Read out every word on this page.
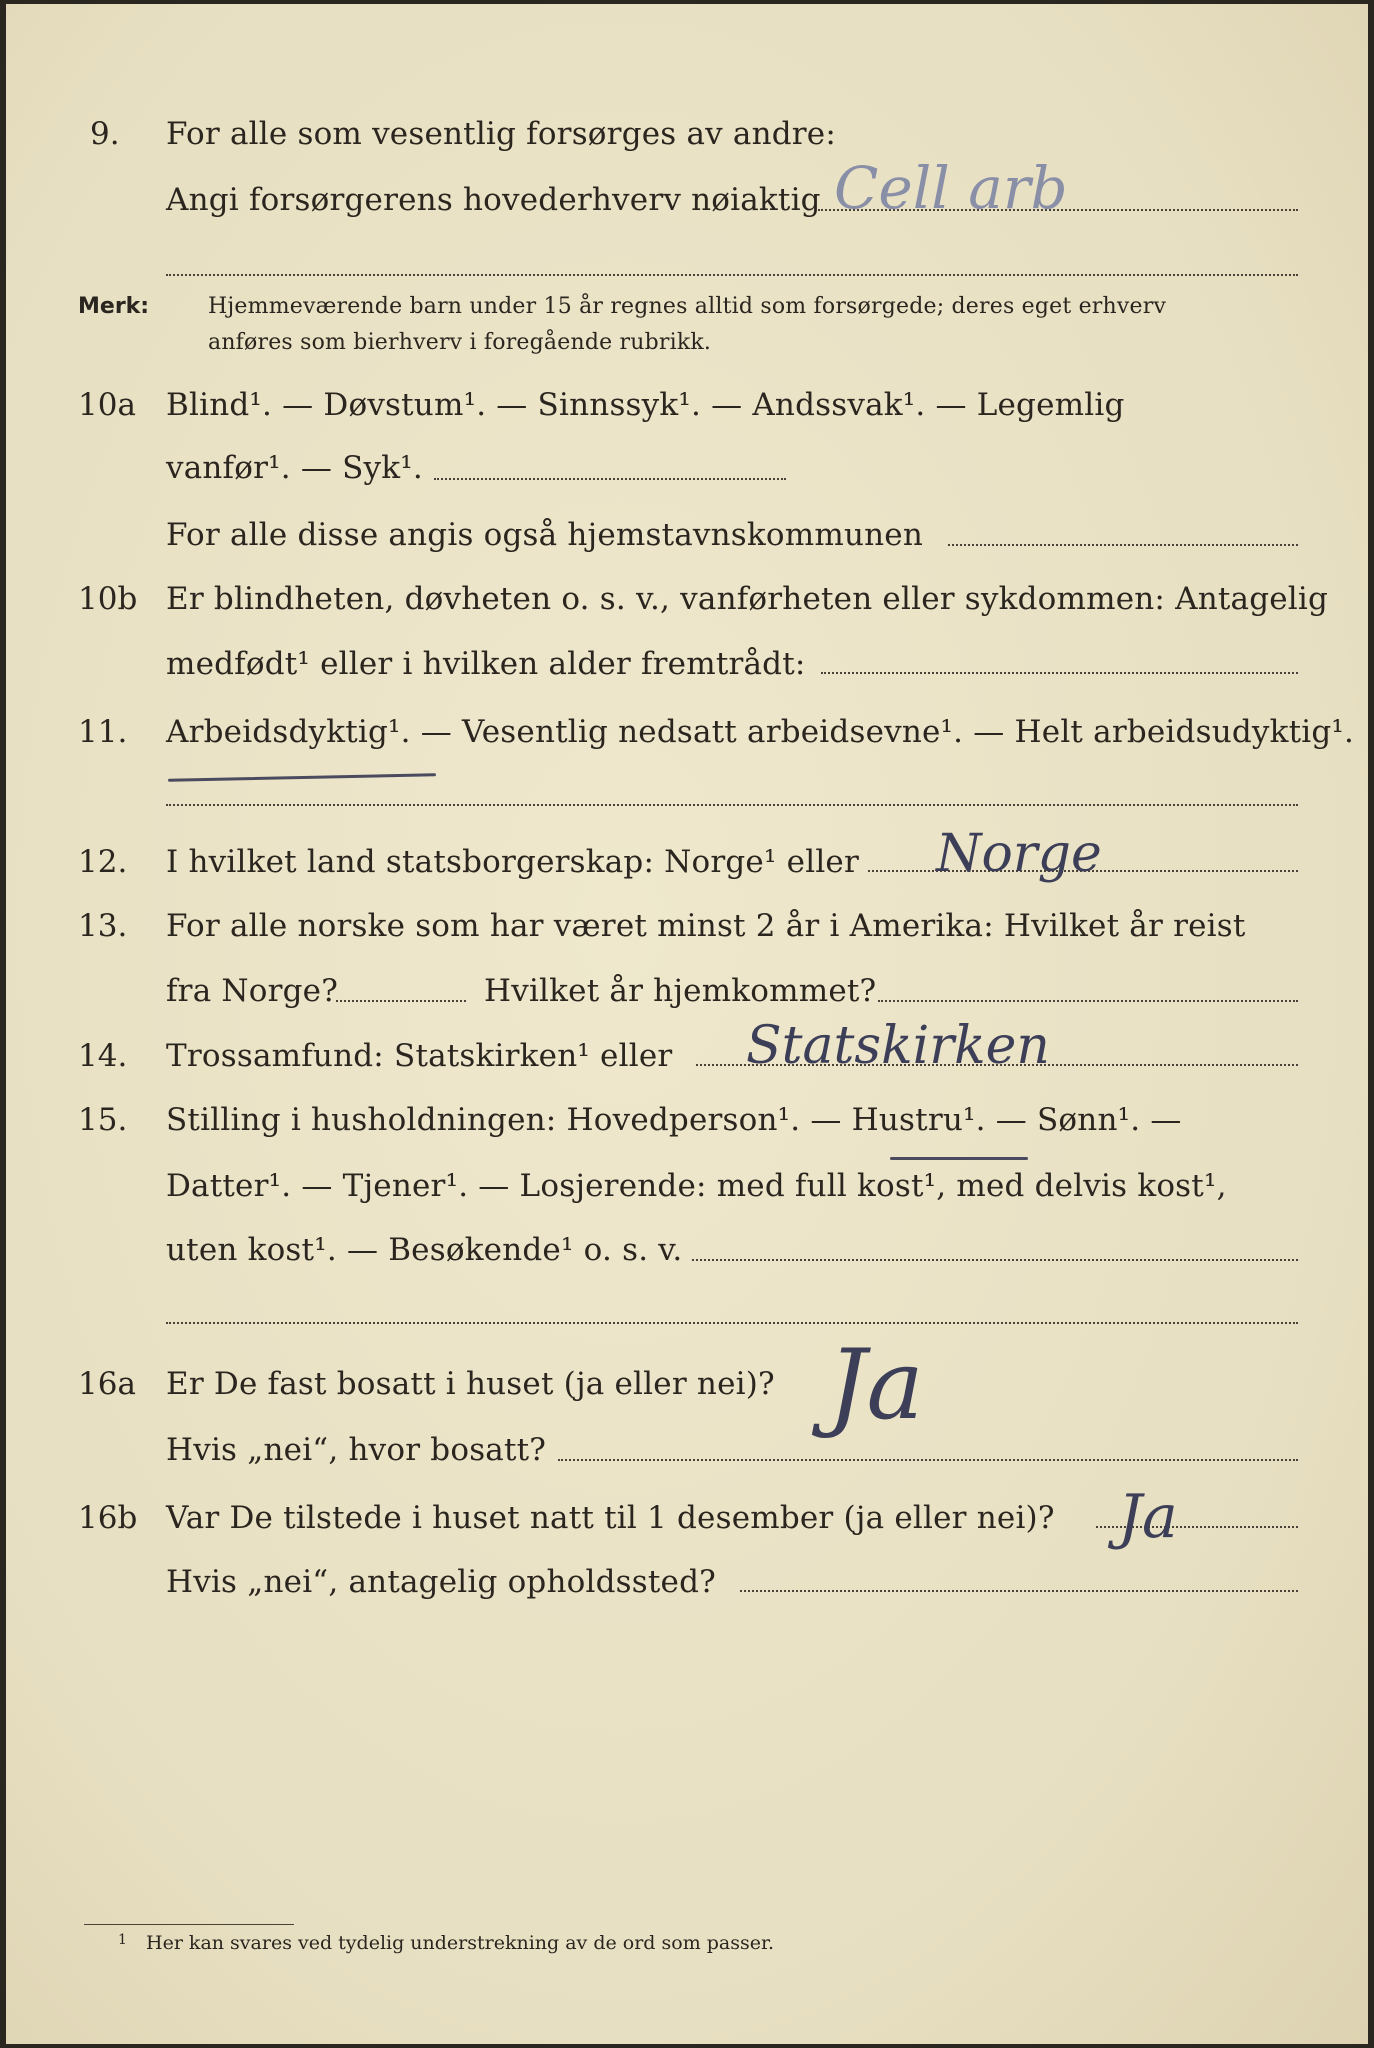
9. For alle som vesentlig forsørges av andre:
Angi forsørgerens hovederhverv nøiaktig Cell arb
Merk:	Hjemmeværende barn under 15 år regnes alltid som forsørgede; deres eget erhverv
anføres som bierhverv i foregående rubrikk.
10a Blind¹. — Døvstum¹. — Sinnssyk¹. — Andssvak¹. — Legemlig
vanfør¹. — Syk¹.
For alle disse angis også hjemstavnskommunen
10b Er blindheten, døvheten o. s. v., vanførheten eller sykdommen: Antagelig
medfødt¹ eller i hvilken alder fremtrådt:
11. Arbeidsdyktig¹. — Vesentlig nedsatt arbeidsevne¹. — Helt arbeidsudyktig¹.
12. I hvilket land statsborgerskap: Norge¹ eller Norge
13. For alle norske som har været minst 2 år i Amerika: Hvilket år reist
fra Norge?	Hvilket år hjemkommet?
14. Trossamfund: Statskirken¹ eller Statskirken
15. Stilling i husholdningen: Hovedperson¹. — Hustru¹. — Sønn¹. —
Datter¹. — Tjener¹. — Losjerende: med full kost¹, med delvis kost¹,
uten kost¹. — Besøkende¹ o. s. v.
16a Er De fast bosatt i huset (ja eller nei)?
Hvis „nei“, hvor bosatt?
Ja
16b Var De tilstede i huset natt til 1 desember (ja eller nei)? Ja
Hvis „nei“, antagelig opholdssted?
1 Her kan svares ved tydelig understrekning av de ord som passer.
